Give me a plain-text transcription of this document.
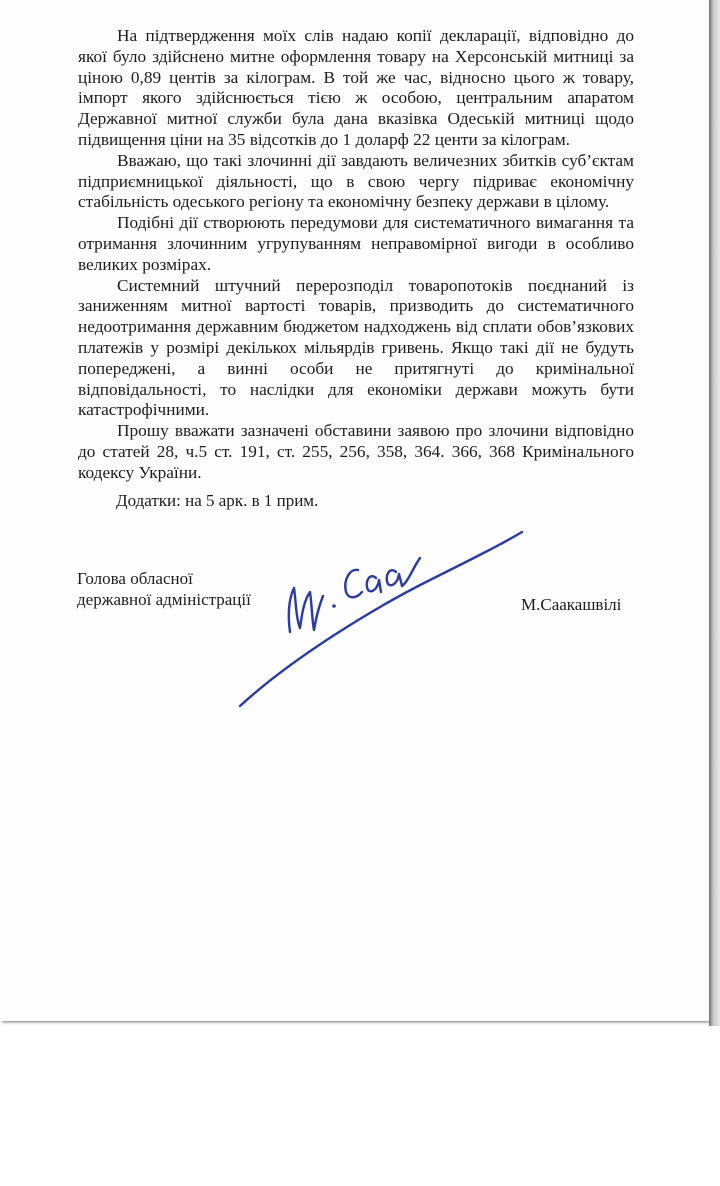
На підтвердження моїх слів надаю копії декларації, відповідно до якої було здійснено митне оформлення товару на Херсонській митниці за ціною 0,89 центів за кілограм. В той же час, відносно цього ж товару, імпорт якого здійснюється тією ж особою, центральним апаратом Державної митної служби була дана вказівка Одеській митниці щодо підвищення ціни на 35 відсотків до 1 доларф 22 центи за кілограм.

Вважаю, що такі злочинні дії завдають величезних збитків суб’єктам підприємницької діяльності, що в свою чергу підриває економічну стабільність одеського регіону та економічну безпеку держави в цілому.

Подібні дії створюють передумови для систематичного вимагання та отримання злочинним угрупуванням неправомірної вигоди в особливо великих розмірах.

Системний штучний перерозподіл товаропотоків поєднаний із заниженням митної вартості товарів, призводить до систематичного недоотримання державним бюджетом надходжень від сплати обов’язкових платежів у розмірі декількох мільярдів гривень. Якщо такі дії не будуть попереджені, а винні особи не притягнуті до кримінальної відповідальності, то наслідки для економіки держави можуть бути катастрофічними.

Прошу вважати зазначені обставини заявою про злочини відповідно до статей 28, ч.5 ст. 191, ст. 255, 256, 358, 364. 366, 368 Кримінального кодексу України.

Додатки: на 5 арк. в 1 прим.
Голова обласної
державної адміністрації	М.Саакашвілі
